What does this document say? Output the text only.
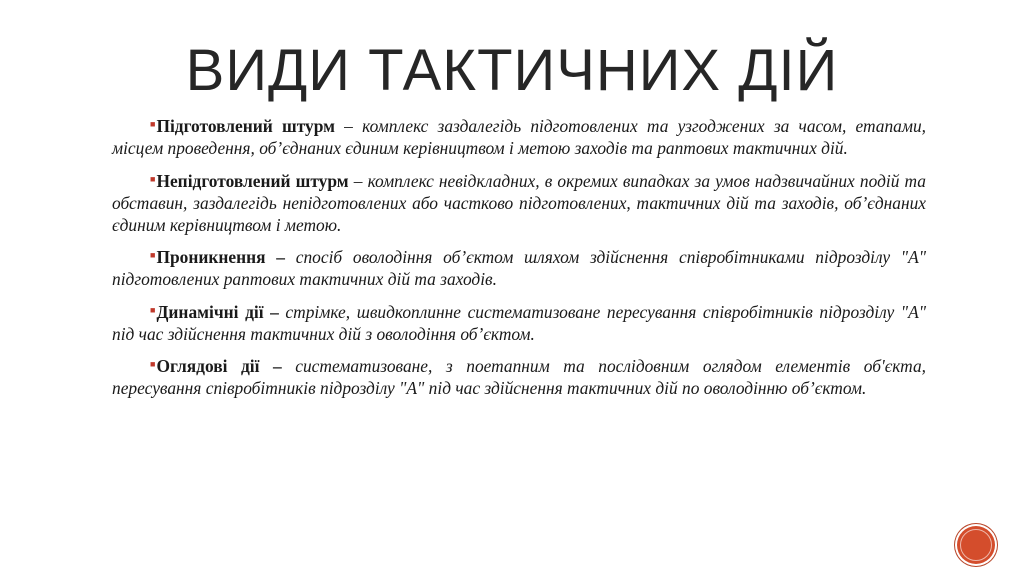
ВИДИ ТАКТИЧНИХ ДІЙ

■Підготовлений штурм – комплекс заздалегідь підготовлених та узгоджених за часом, етапами, місцем проведення, об’єднаних єдиним керівництвом і метою заходів та раптових тактичних дій.

■Непідготовлений штурм – комплекс невідкладних, в окремих випадках за умов надзвичайних подій та обставин, заздалегідь непідготовлених або частково підготовлених, тактичних дій та заходів, об’єднаних єдиним керівництвом і метою.

■Проникнення – спосіб оволодіння об’єктом шляхом здійснення співробітниками підрозділу "А" підготовлених раптових тактичних дій та заходів.

■Динамічні дії – стрімке, швидкоплинне систематизоване пересування співробітників підрозділу "А" під час здійснення тактичних дій з оволодіння об’єктом.

■Оглядові дії – систематизоване, з поетапним та послідовним оглядом елементів об'єкта, пересування співробітників підрозділу "А" під час здійснення тактичних дій по оволодінню об’єктом.
